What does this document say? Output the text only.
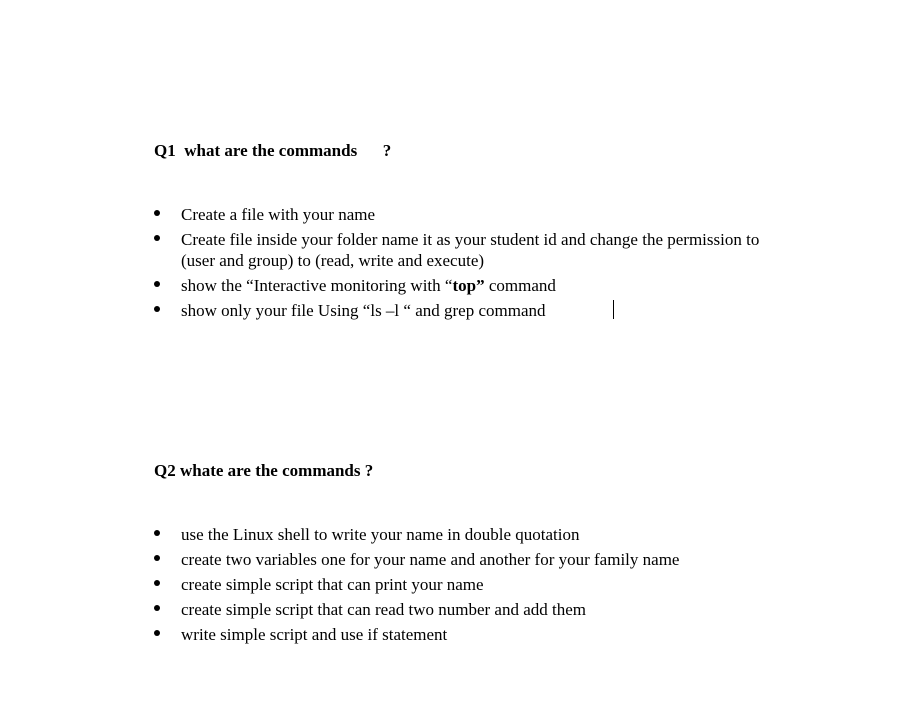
Q1  what are the commands      ?
Create a file with your name
Create file inside your folder name it as your student id and change the permission to (user and group) to (read, write and execute)
show the “Interactive monitoring with “top” command
show only your file Using “ls –l “ and grep command
Q2 whate are the commands ?
use the Linux shell to write your name in double quotation
create two variables one for your name and another for your family name
create simple script that can print your name
create simple script that can read two number and add them
write simple script and use if statement
